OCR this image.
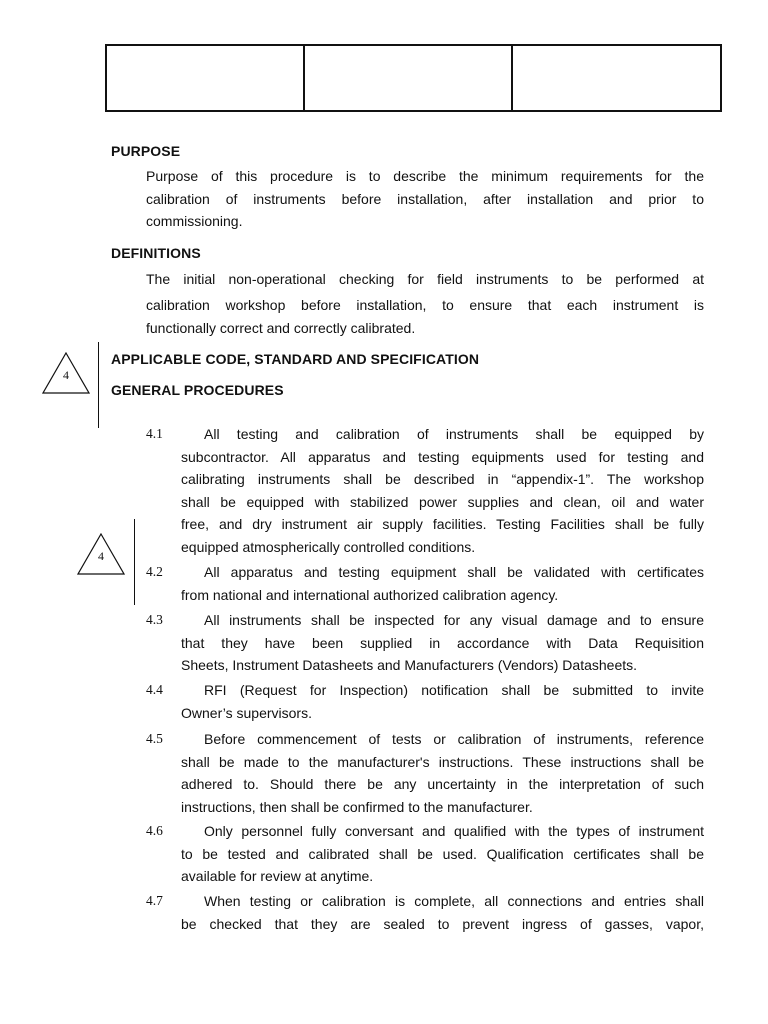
PURPOSE
Purpose of this procedure is to describe the minimum requirements for the
calibration of instruments before installation, after installation and prior to
commissioning.
DEFINITIONS
The initial non-operational checking for field instruments to be performed at
calibration workshop before installation, to ensure that each instrument is
functionally correct and correctly calibrated.
APPLICABLE CODE, STANDARD AND SPECIFICATION
GENERAL PROCEDURES
4
4
4.1	All testing and calibration of instruments shall be equipped by
subcontractor. All apparatus and testing equipments used for testing and
calibrating instruments shall be described in “appendix-1”. The workshop
shall be equipped with stabilized power supplies and clean, oil and water
free, and dry instrument air supply facilities. Testing Facilities shall be fully
equipped atmospherically controlled conditions.
4.2	All apparatus and testing equipment shall be validated with certificates
from national and international authorized calibration agency.
4.3	All instruments shall be inspected for any visual damage and to ensure
that they have been supplied in accordance with Data Requisition
Sheets, Instrument Datasheets and Manufacturers (Vendors) Datasheets.
4.4	RFI (Request for Inspection) notification shall be submitted to invite
Owner’s supervisors.
4.5	Before commencement of tests or calibration of instruments, reference
shall be made to the manufacturer's instructions. These instructions shall be
adhered to. Should there be any uncertainty in the interpretation of such
instructions, then shall be confirmed to the manufacturer.
4.6	Only personnel fully conversant and qualified with the types of instrument
to be tested and calibrated shall be used. Qualification certificates shall be
available for review at anytime.
4.7	When testing or calibration is complete, all connections and entries shall
be checked that they are sealed to prevent ingress of gasses, vapor,
